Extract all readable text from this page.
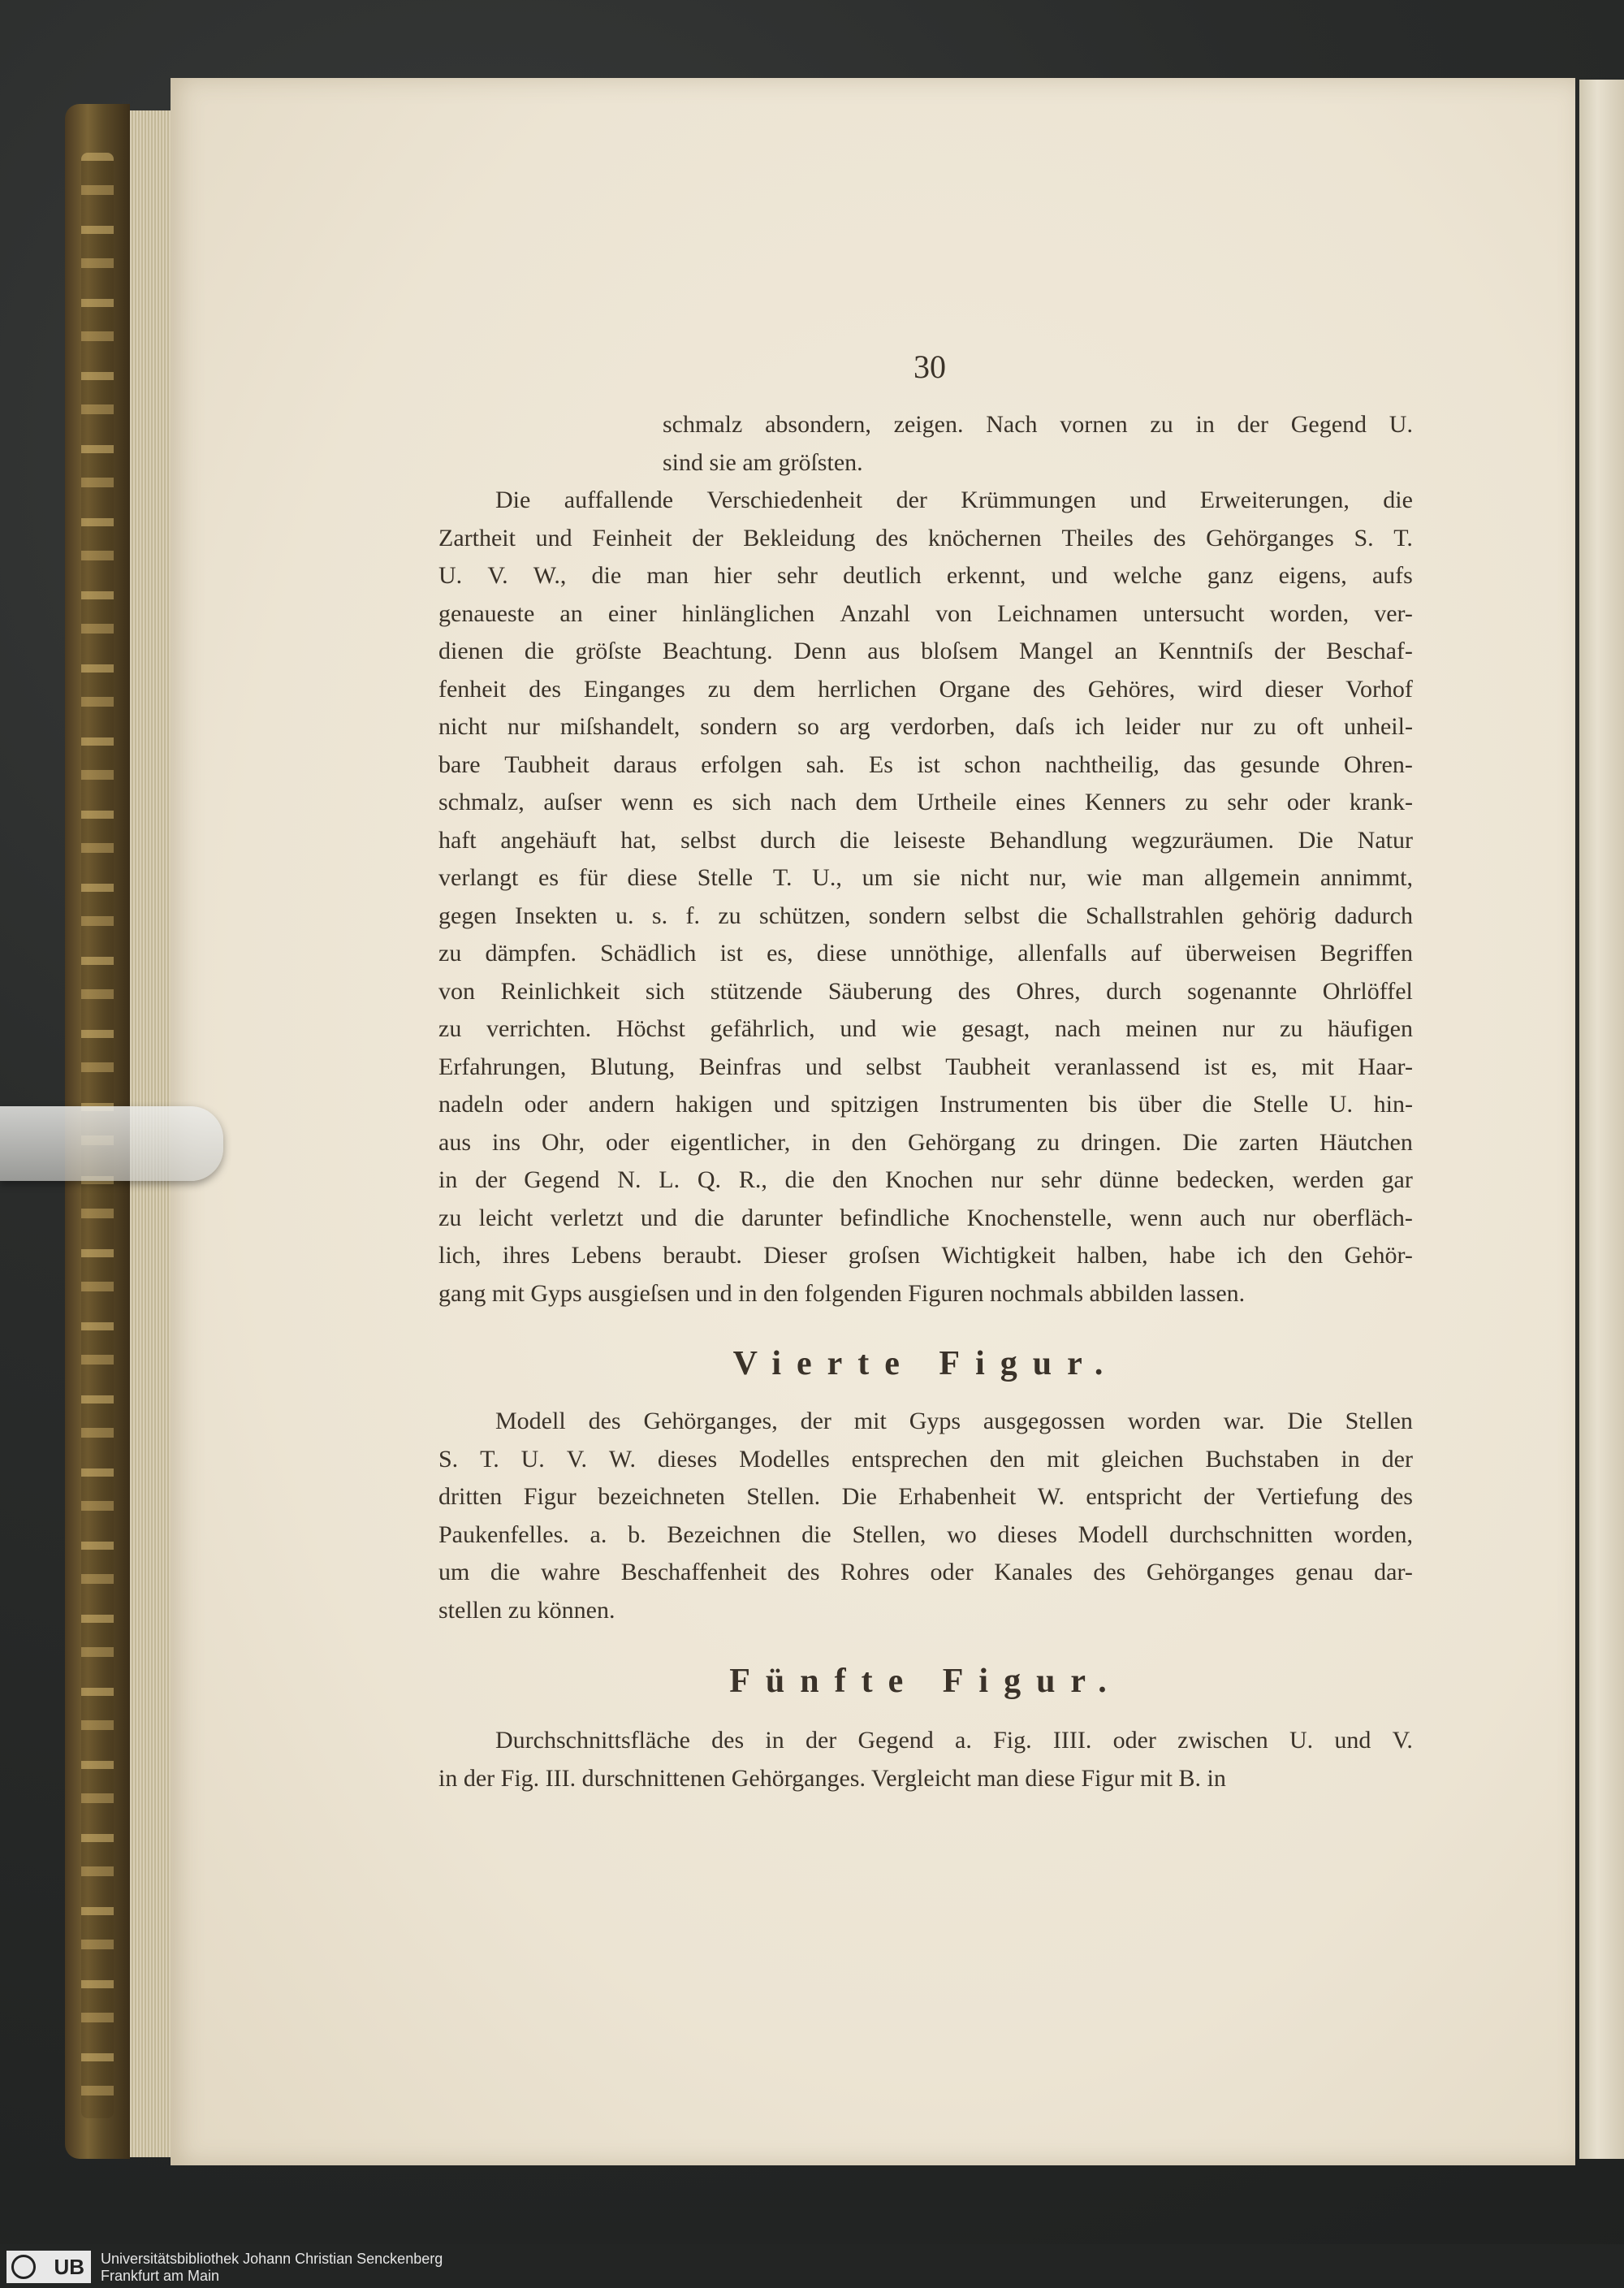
30
schmalz absondern, zeigen. Nach vornen zu in der Gegend U.
sind sie am gröſsten.
Die auffallende Verschiedenheit der Krümmungen und Erweiterungen, die
Zartheit und Feinheit der Bekleidung des knöchernen Theiles des Gehörganges S. T.
U. V. W., die man hier sehr deutlich erkennt, und welche ganz eigens, aufs
genaueste an einer hinlänglichen Anzahl von Leichnamen untersucht worden, ver-
dienen die gröſste Beachtung. Denn aus bloſsem Mangel an Kenntniſs der Beschaf-
fenheit des Einganges zu dem herrlichen Organe des Gehöres, wird dieser Vorhof
nicht nur miſshandelt, sondern so arg verdorben, daſs ich leider nur zu oft unheil-
bare Taubheit daraus erfolgen sah. Es ist schon nachtheilig, das gesunde Ohren-
schmalz, auſser wenn es sich nach dem Urtheile eines Kenners zu sehr oder krank-
haft angehäuft hat, selbst durch die leiseste Behandlung wegzuräumen. Die Natur
verlangt es für diese Stelle T. U., um sie nicht nur, wie man allgemein annimmt,
gegen Insekten u. s. f. zu schützen, sondern selbst die Schallstrahlen gehörig dadurch
zu dämpfen. Schädlich ist es, diese unnöthige, allenfalls auf überweisen Begriffen
von Reinlichkeit sich stützende Säuberung des Ohres, durch sogenannte Ohrlöffel
zu verrichten. Höchst gefährlich, und wie gesagt, nach meinen nur zu häufigen
Erfahrungen, Blutung, Beinfras und selbst Taubheit veranlassend ist es, mit Haar-
nadeln oder andern hakigen und spitzigen Instrumenten bis über die Stelle U. hin-
aus ins Ohr, oder eigentlicher, in den Gehörgang zu dringen. Die zarten Häutchen
in der Gegend N. L. Q. R., die den Knochen nur sehr dünne bedecken, werden gar
zu leicht verletzt und die darunter befindliche Knochenstelle, wenn auch nur oberfläch-
lich, ihres Lebens beraubt. Dieser groſsen Wichtigkeit halben, habe ich den Gehör-
gang mit Gyps ausgieſsen und in den folgenden Figuren nochmals abbilden lassen.
Vierte Figur.
Modell des Gehörganges, der mit Gyps ausgegossen worden war. Die Stellen
S. T. U. V. W. dieses Modelles entsprechen den mit gleichen Buchstaben in der
dritten Figur bezeichneten Stellen. Die Erhabenheit W. entspricht der Vertiefung des
Paukenfelles. a. b. Bezeichnen die Stellen, wo dieses Modell durchschnitten worden,
um die wahre Beschaffenheit des Rohres oder Kanales des Gehörganges genau dar-
stellen zu können.
Fünfte Figur.
Durchschnittsfläche des in der Gegend a. Fig. IIII. oder zwischen U. und V.
in der Fig. III. durschnittenen Gehörganges. Vergleicht man diese Figur mit B. in
UB Universitätsbibliothek Johann Christian Senckenberg
Frankfurt am Main
